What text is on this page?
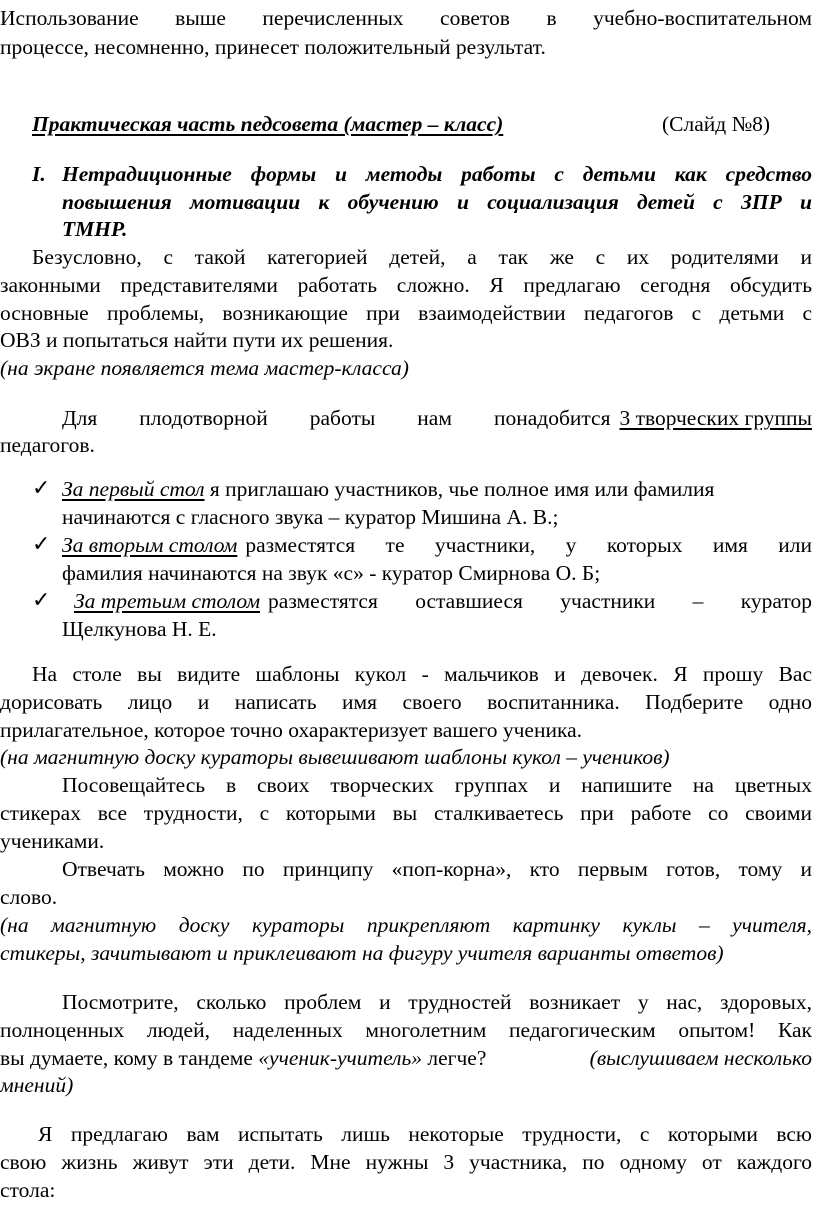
Использование выше перечисленных советов в учебно-воспитательном
процессе, несомненно, принесет положительный результат.
Практическая часть педсовета (мастер – класс)	(Слайд №8)
I. Нетрадиционные формы и методы работы с детьми как средство
повышения мотивации к обучению и социализация детей с ЗПР и
ТМНР.
Безусловно, с такой категорией детей, а так же с их родителями и
законными представителями работать сложно. Я предлагаю сегодня обсудить
основные проблемы, возникающие при взаимодействии педагогов с детьми с
ОВЗ и попытаться найти пути их решения.
(на экране появляется тема мастер-класса)
Для плодотворной работы нам понадобится 3 творческих группы
педагогов.
✓ За первый стол я приглашаю участников, чье полное имя или фамилия
начинаются с гласного звука – куратор Мишина А. В.;
✓ За вторым столом разместятся те участники, у которых имя или
фамилия начинаются на звук «с» - куратор Смирнова О. Б;
✓ За третьим столом разместятся оставшиеся участники – куратор
Щелкунова Н. Е.
На столе вы видите шаблоны кукол - мальчиков и девочек. Я прошу Вас
дорисовать лицо и написать имя своего воспитанника. Подберите одно
прилагательное, которое точно охарактеризует вашего ученика.
(на магнитную доску кураторы вывешивают шаблоны кукол – учеников)
Посовещайтесь в своих творческих группах и напишите на цветных
стикерах все трудности, с которыми вы сталкиваетесь при работе со своими
учениками.
Отвечать можно по принципу «поп-корна», кто первым готов, тому и
слово.
(на магнитную доску кураторы прикрепляют картинку куклы – учителя,
стикеры, зачитывают и приклеивают на фигуру учителя варианты ответов)
Посмотрите, сколько проблем и трудностей возникает у нас, здоровых,
полноценных людей, наделенных многолетним педагогическим опытом! Как
вы думаете, кому в тандеме «ученик-учитель» легче?	(выслушиваем несколько
мнений)
Я предлагаю вам испытать лишь некоторые трудности, с которыми всю
свою жизнь живут эти дети. Мне нужны 3 участника, по одному от каждого
стола:
